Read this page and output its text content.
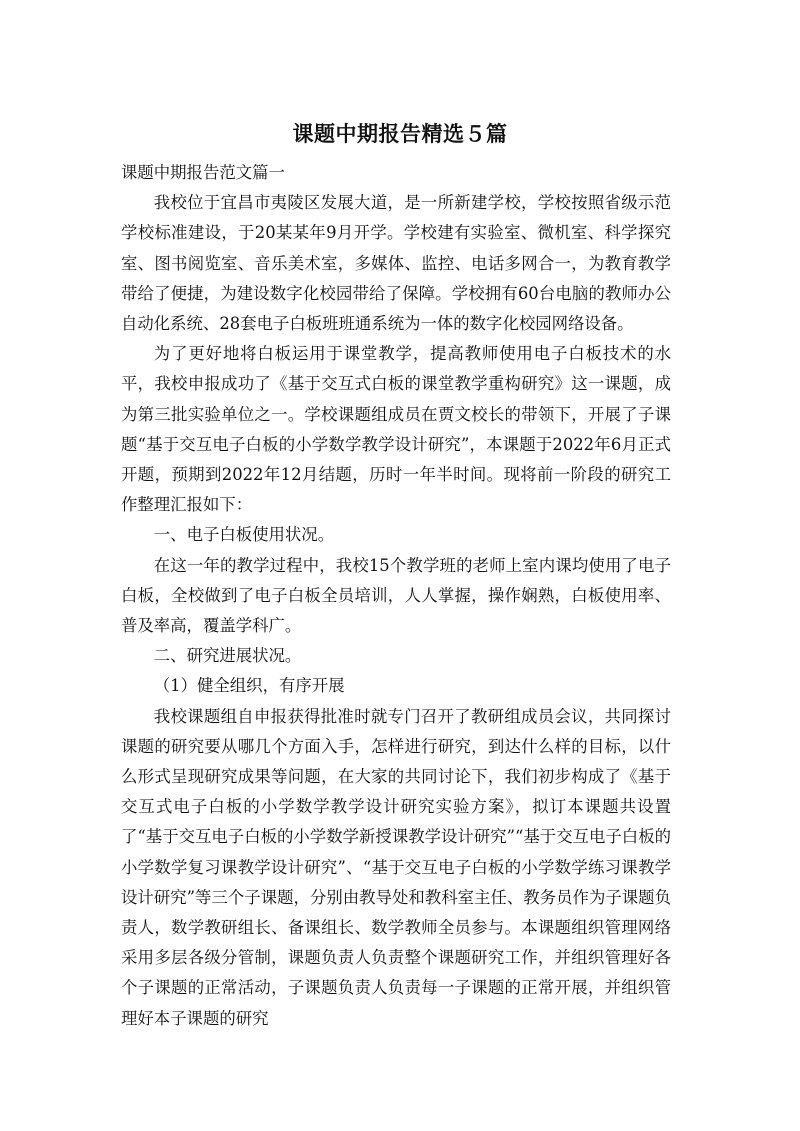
课题中期报告精选５篇

课题中期报告范文篇一

我校位于宜昌市夷陵区发展大道，是一所新建学校，学校按照省级示范学校标准建设，于20某某年9月开学。学校建有实验室、微机室、科学探究室、图书阅览室、音乐美术室，多媒体、监控、电话多网合一，为教育教学带给了便捷，为建设数字化校园带给了保障。学校拥有60台电脑的教师办公自动化系统、28套电子白板班班通系统为一体的数字化校园网络设备。

为了更好地将白板运用于课堂教学，提高教师使用电子白板技术的水平，我校申报成功了《基于交互式白板的课堂教学重构研究》这一课题，成为第三批实验单位之一。学校课题组成员在贾文校长的带领下，开展了子课题“基于交互电子白板的小学数学教学设计研究”，本课题于2022年6月正式开题，预期到2022年12月结题，历时一年半时间。现将前一阶段的研究工作整理汇报如下：

一、电子白板使用状况。

在这一年的教学过程中，我校15个教学班的老师上室内课均使用了电子白板，全校做到了电子白板全员培训，人人掌握，操作娴熟，白板使用率、普及率高，覆盖学科广。

二、研究进展状况。

（1）健全组织，有序开展

我校课题组自申报获得批准时就专门召开了教研组成员会议，共同探讨课题的研究要从哪几个方面入手，怎样进行研究，到达什么样的目标，以什么形式呈现研究成果等问题，在大家的共同讨论下，我们初步构成了《基于交互式电子白板的小学数学教学设计研究实验方案》，拟订本课题共设置了“基于交互电子白板的小学数学新授课教学设计研究”“基于交互电子白板的小学数学复习课教学设计研究”、“基于交互电子白板的小学数学练习课教学设计研究”等三个子课题，分别由教导处和教科室主任、教务员作为子课题负责人，数学教研组长、备课组长、数学教师全员参与。本课题组织管理网络采用多层各级分管制，课题负责人负责整个课题研究工作，并组织管理好各个子课题的正常活动，子课题负责人负责每一子课题的正常开展，并组织管理好本子课题的研究
